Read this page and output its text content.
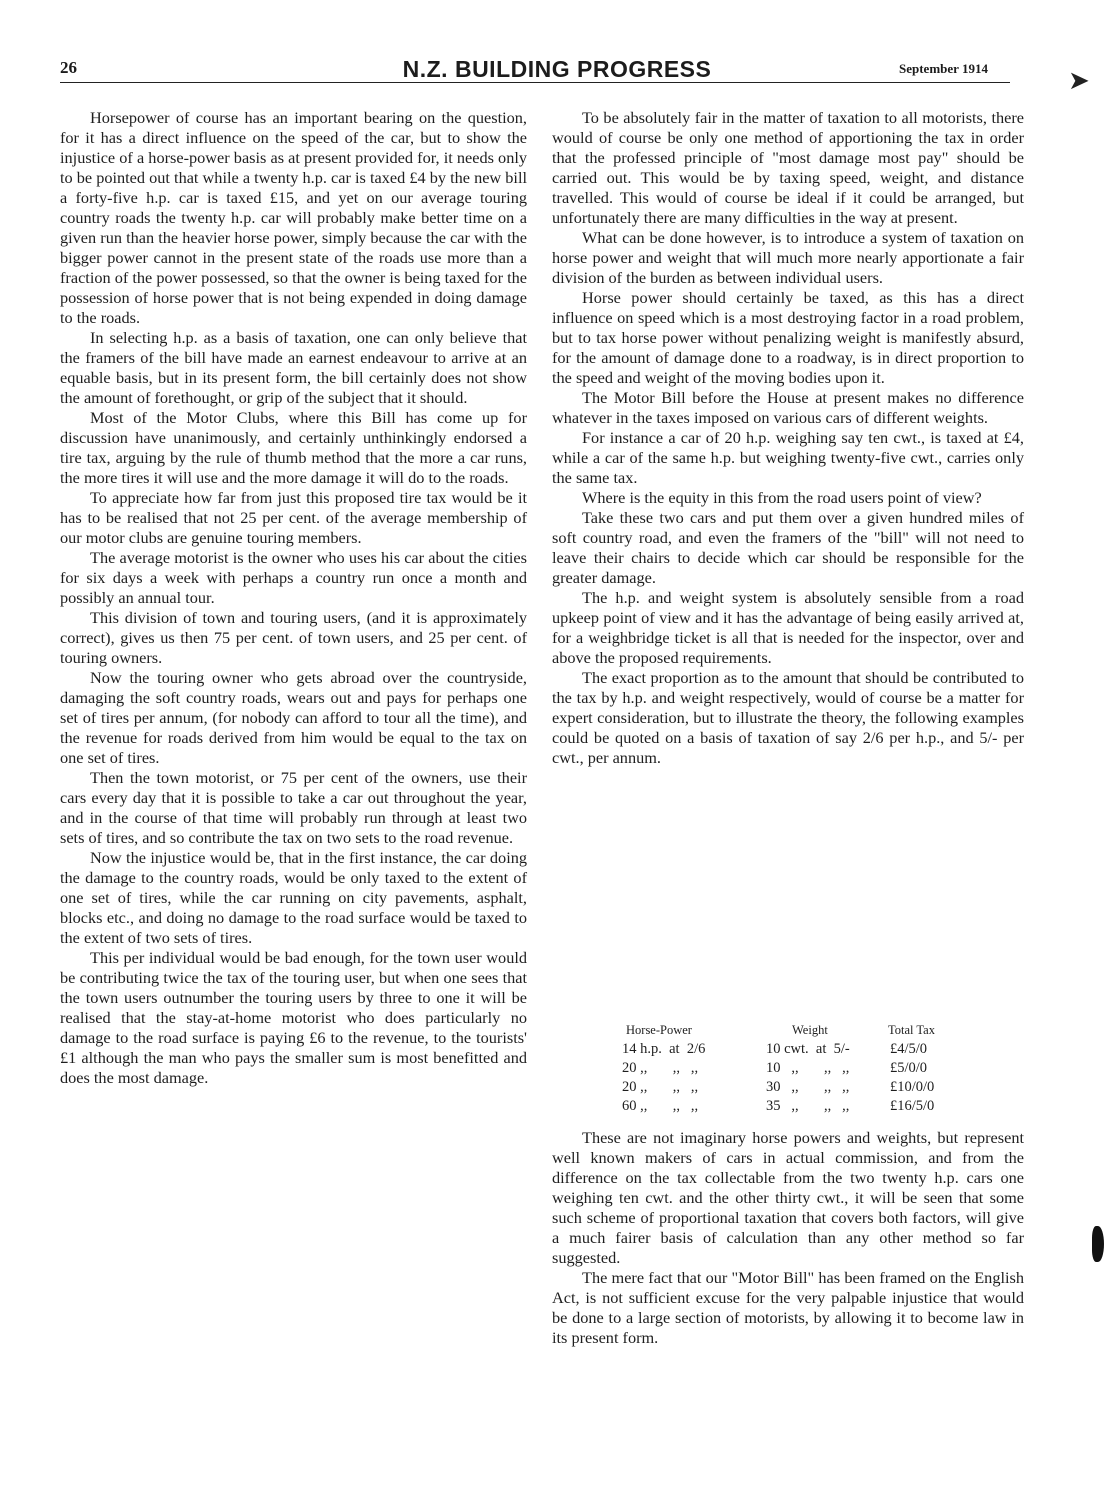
26	N.Z. BUILDING PROGRESS	September 1914	➤

Horsepower of course has an important bearing on the question, for it has a direct influence on the speed of the car, but to show the injustice of a horse-power basis as at present provided for, it needs only to be pointed out that while a twenty h.p. car is taxed £4 by the new bill a forty-five h.p. car is taxed £15, and yet on our average touring country roads the twenty h.p. car will probably make better time on a given run than the heavier horse power, simply because the car with the bigger power cannot in the present state of the roads use more than a fraction of the power possessed, so that the owner is being taxed for the possession of horse power that is not being expended in doing damage to the roads.

In selecting h.p. as a basis of taxation, one can only believe that the framers of the bill have made an earnest endeavour to arrive at an equable basis, but in its present form, the bill certainly does not show the amount of forethought, or grip of the subject that it should.

Most of the Motor Clubs, where this Bill has come up for discussion have unanimously, and certainly unthinkingly endorsed a tire tax, arguing by the rule of thumb method that the more a car runs, the more tires it will use and the more damage it will do to the roads.

To appreciate how far from just this proposed tire tax would be it has to be realised that not 25 per cent. of the average membership of our motor clubs are genuine touring members.

The average motorist is the owner who uses his car about the cities for six days a week with perhaps a country run once a month and possibly an annual tour.

This division of town and touring users, (and it is approximately correct), gives us then 75 per cent. of town users, and 25 per cent. of touring owners.

Now the touring owner who gets abroad over the countryside, damaging the soft country roads, wears out and pays for perhaps one set of tires per annum, (for nobody can afford to tour all the time), and the revenue for roads derived from him would be equal to the tax on one set of tires.

Then the town motorist, or 75 per cent of the owners, use their cars every day that it is possible to take a car out throughout the year, and in the course of that time will probably run through at least two sets of tires, and so contribute the tax on two sets to the road revenue.

Now the injustice would be, that in the first instance, the car doing the damage to the country roads, would be only taxed to the extent of one set of tires, while the car running on city pavements, asphalt, blocks etc., and doing no damage to the road surface would be taxed to the extent of two sets of tires.

This per individual would be bad enough, for the town user would be contributing twice the tax of the touring user, but when one sees that the town users outnumber the touring users by three to one it will be realised that the stay-at-home motorist who does particularly no damage to the road surface is paying £6 to the revenue, to the tourists' £1 although the man who pays the smaller sum is most benefitted and does the most damage.

To be absolutely fair in the matter of taxation to all motorists, there would of course be only one method of apportioning the tax in order that the professed principle of "most damage most pay" should be carried out. This would be by taxing speed, weight, and distance travelled. This would of course be ideal if it could be arranged, but unfortunately there are many difficulties in the way at present.

What can be done however, is to introduce a system of taxation on horse power and weight that will much more nearly apportionate a fair division of the burden as between individual users.

Horse power should certainly be taxed, as this has a direct influence on speed which is a most destroying factor in a road problem, but to tax horse power without penalizing weight is manifestly absurd, for the amount of damage done to a roadway, is in direct proportion to the speed and weight of the moving bodies upon it.

The Motor Bill before the House at present makes no difference whatever in the taxes imposed on various cars of different weights.

For instance a car of 20 h.p. weighing say ten cwt., is taxed at £4, while a car of the same h.p. but weighing twenty-five cwt., carries only the same tax.

Where is the equity in this from the road users point of view?

Take these two cars and put them over a given hundred miles of soft country road, and even the framers of the "bill" will not need to leave their chairs to decide which car should be responsible for the greater damage.

The h.p. and weight system is absolutely sensible from a road upkeep point of view and it has the advantage of being easily arrived at, for a weighbridge ticket is all that is needed for the inspector, over and above the proposed requirements.

The exact proportion as to the amount that should be contributed to the tax by h.p. and weight respectively, would of course be a matter for expert consideration, but to illustrate the theory, the following examples could be quoted on a basis of taxation of say 2/6 per h.p., and 5/- per cwt., per annum.

Horse-Power	Weight	Total Tax
14 h.p.  at  2/6	10 cwt.  at  5/-	£4/5/0
20 ,,       ,,   ,,	10   ,,       ,,   ,,	£5/0/0
20 ,,       ,,   ,,	30   ,,       ,,   ,,	£10/0/0
60 ,,       ,,   ,,	35   ,,       ,,   ,,	£16/5/0

These are not imaginary horse powers and weights, but represent well known makers of cars in actual commission, and from the difference on the tax collectable from the two twenty h.p. cars one weighing ten cwt. and the other thirty cwt., it will be seen that some such scheme of proportional taxation that covers both factors, will give a much fairer basis of calculation than any other method so far suggested.

The mere fact that our "Motor Bill" has been framed on the English Act, is not sufficient excuse for the very palpable injustice that would be done to a large section of motorists, by allowing it to become law in its present form.
